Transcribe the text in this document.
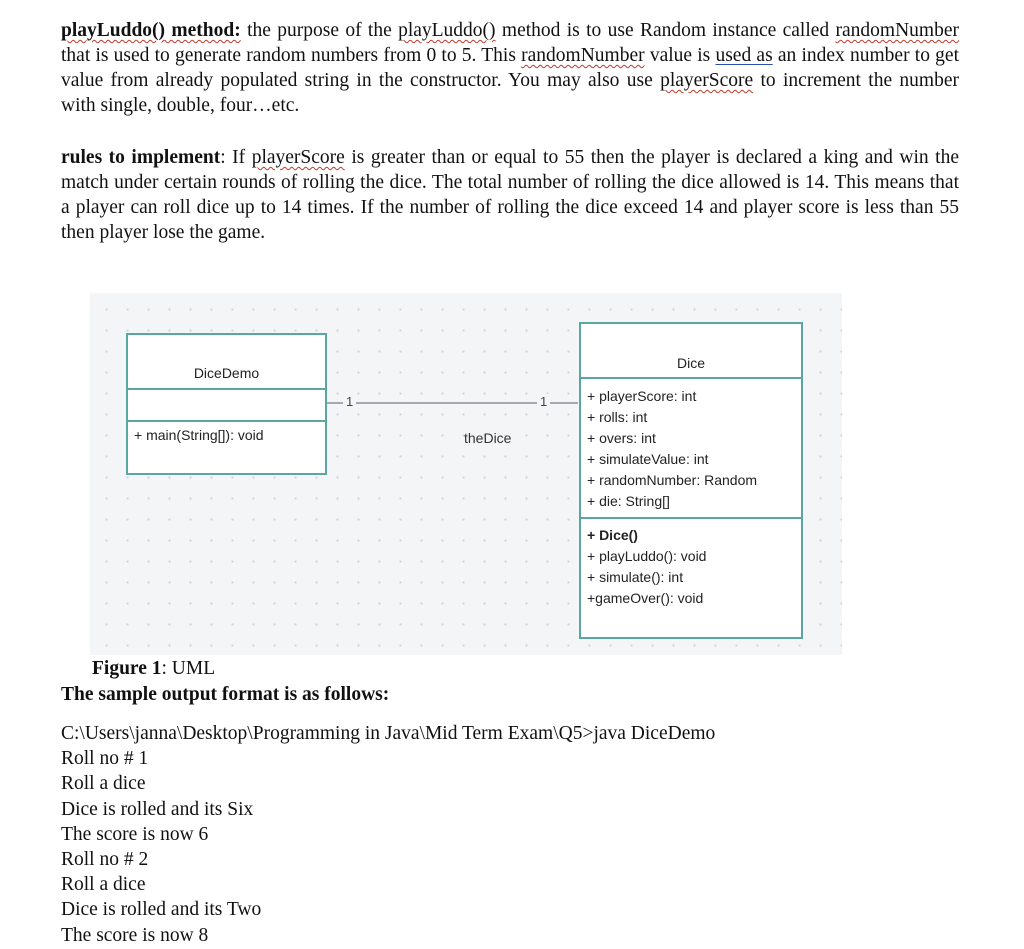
playLuddo() method: the purpose of the playLuddo() method is to use Random instance called randomNumber that is used to generate random numbers from 0 to 5. This randomNumber value is used as an index number to get value from already populated string in the constructor. You may also use playerScore to increment the number with single, double, four…etc.

rules to implement: If playerScore is greater than or equal to 55 then the player is declared a king and win the match under certain rounds of rolling the dice. The total number of rolling the dice allowed is 14. This means that a player can roll dice up to 14 times. If the number of rolling the dice exceed 14 and player score is less than 55 then player lose the game.

1	1
theDice
DiceDemo
+ main(String[]): void
Dice
+ playerScore: int
+ rolls: int
+ overs: int
+ simulateValue: int
+ randomNumber: Random
+ die: String[]
+ Dice()
+ playLuddo(): void
+ simulate(): int
+gameOver(): void
Figure 1: UML
The sample output format is as follows:
C:\Users\janna\Desktop\Programming in Java\Mid Term Exam\Q5>java DiceDemo
Roll no # 1
Roll a dice
Dice is rolled and its Six
The score is now 6
Roll no # 2
Roll a dice
Dice is rolled and its Two
The score is now 8
